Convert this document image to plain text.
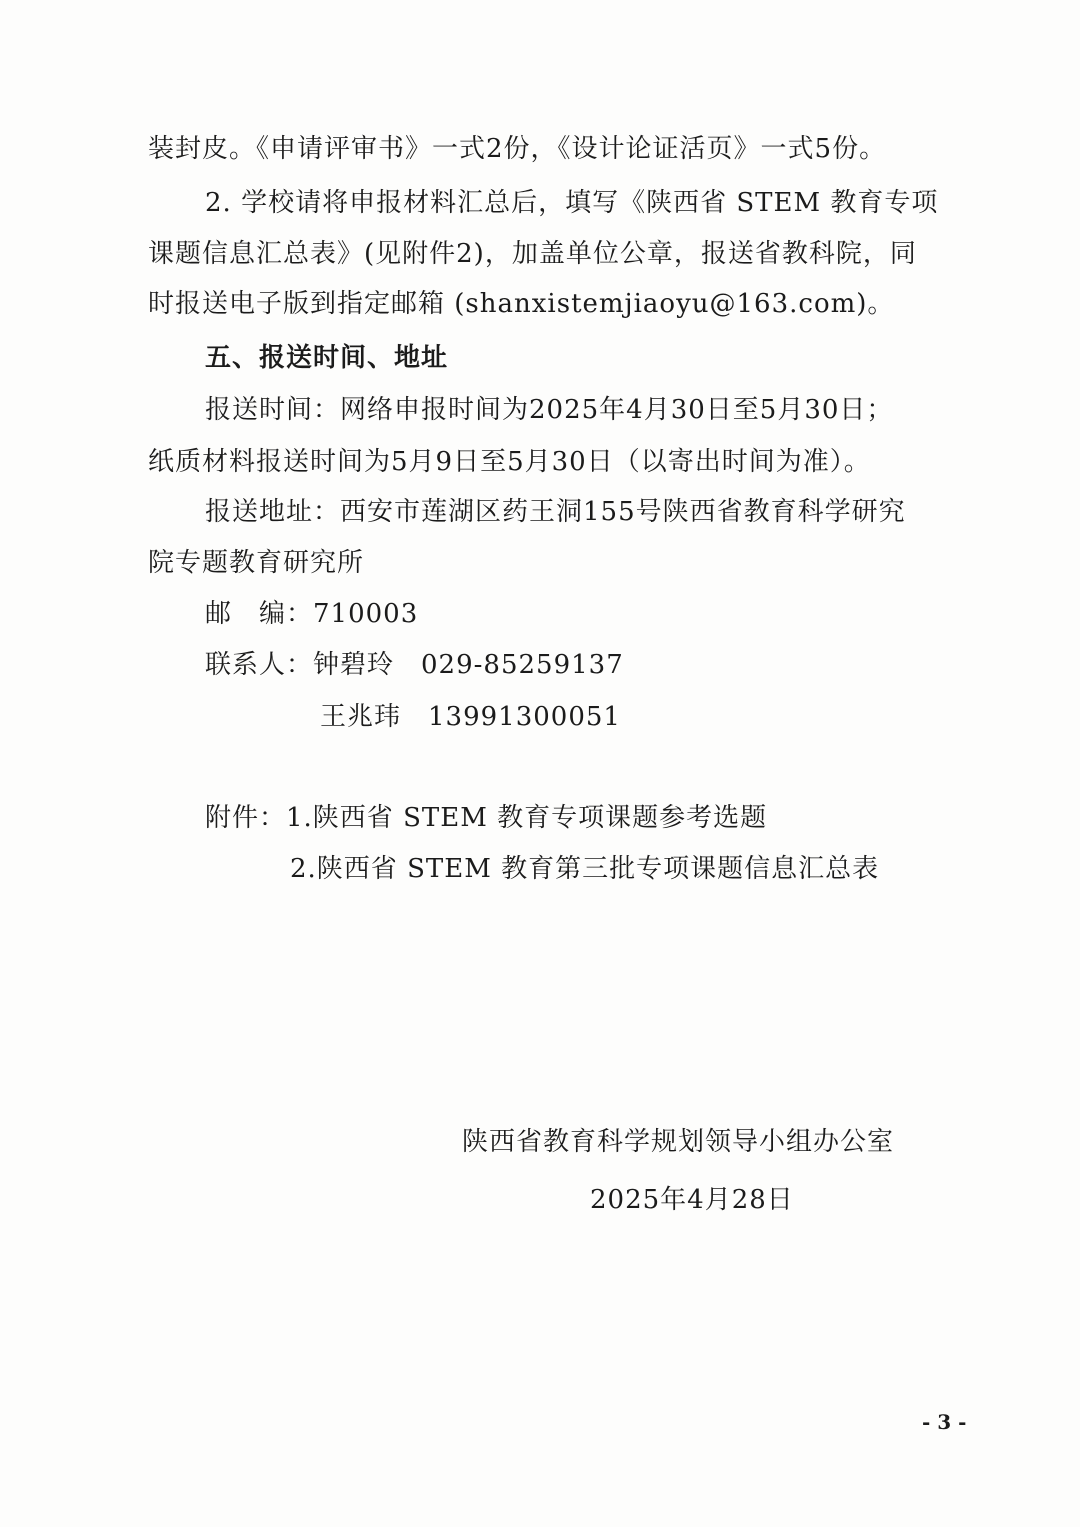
装封皮。《申请评审书》一式2份，《设计论证活页》一式5份。
2. 学校请将申报材料汇总后，填写《陕西省 STEM 教育专项
课题信息汇总表》(见附件2)，加盖单位公章，报送省教科院，同
时报送电子版到指定邮箱 (shanxistemjiaoyu@163.com)。
五、报送时间、地址
报送时间：网络申报时间为2025年4月30日至5月30日；
纸质材料报送时间为5月9日至5月30日（以寄出时间为准）。
报送地址：西安市莲湖区药王洞155号陕西省教育科学研究
院专题教育研究所
邮　编：710003
联系人：钟碧玲　029-85259137
王兆玮　13991300051
附件：1.陕西省 STEM 教育专项课题参考选题
2.陕西省 STEM 教育第三批专项课题信息汇总表
陕西省教育科学规划领导小组办公室
2025年4月28日
- 3 -
